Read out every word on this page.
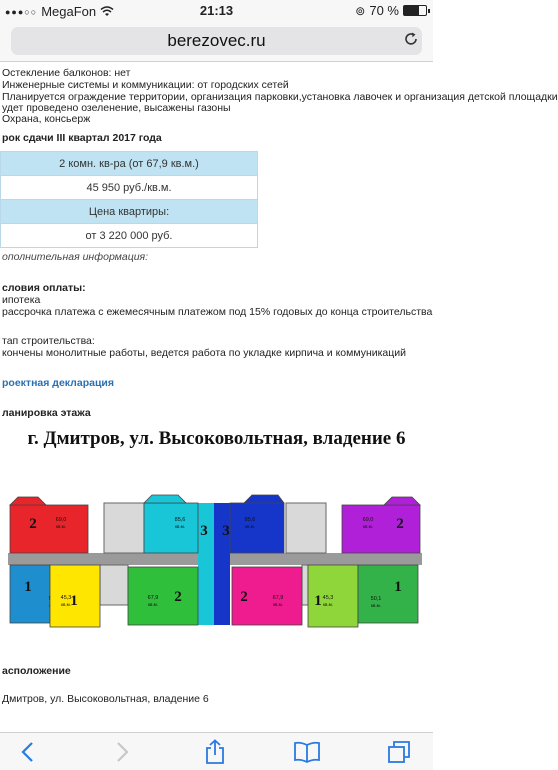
●●●○○ MegaFon	21:13	⊚ 70 %
berezovec.ru
Остекление балконов: нет
Инженерные системы и коммуникации: от городских сетей
Планируется ограждение территории, организация парковки,установка лавочек и организация детской площадки
удет проведено озеленение, высажены газоны
Охрана, консьерж
рок сдачи III квартал 2017 года
2 комн. кв-ра (от 67,9 кв.м.)
45 950 руб./кв.м.
Цена квартиры:
от 3 220 000 руб.
ополнительная информация:
словия оплаты:
ипотека
рассрочка платежа с ежемесячным платежом под 15% годовых до конца строительства
тап строительства:
кончены монолитные работы, ведется работа по укладке кирпича и коммуникаций
роектная декларация
ланировка этажа
г. Дмитров, ул. Высоковольтная, владение 6
2	69,0
кв.м.
1
1
45,3
кв.м.	2
67,9
кв.м.
3
85,6
кв.м. 3
85,6
кв.м.
2	67,9
кв.м. 1 45,3
кв.м.
2
69,0
кв.м.
1
50,1
кв.м.
асположение
Дмитров, ул. Высоковольтная, владение 6
